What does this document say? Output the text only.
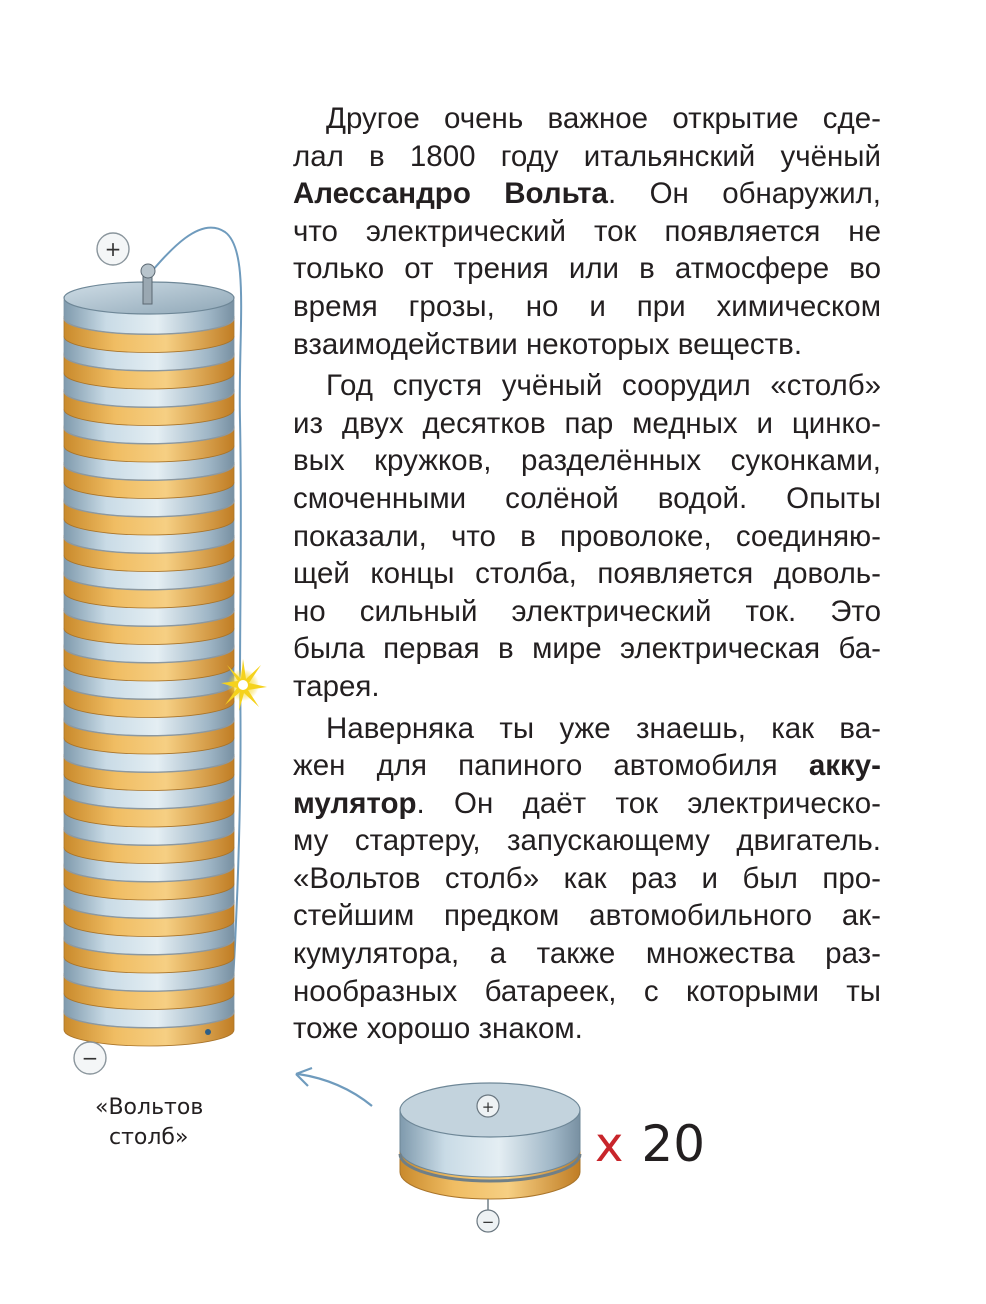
+
−
+
−
«Вольтов
столб»	x 20
Другое очень важное открытие сде-
лал в 1800 году итальянский учёный
Алессандро Вольта. Он обнаружил,
что электрический ток появляется не
только от трения или в атмосфере во
время грозы, но и при химическом
взаимодействии некоторых веществ.
Год спустя учёный соорудил «столб»
из двух десятков пар медных и цинко-
вых кружков, разделённых суконками,
смоченными солёной водой. Опыты
показали, что в проволоке, соединяю-
щей концы столба, появляется доволь-
но сильный электрический ток. Это
была первая в мире электрическая ба-
тарея.
Наверняка ты уже знаешь, как ва-
жен для папиного автомобиля акку-
мулятор. Он даёт ток электрическо-
му стартеру, запускающему двигатель.
«Вольтов столб» как раз и был про-
стейшим предком автомобильного ак-
кумулятора, а также множества раз-
нообразных батареек, с которыми ты
тоже хорошо знаком.
